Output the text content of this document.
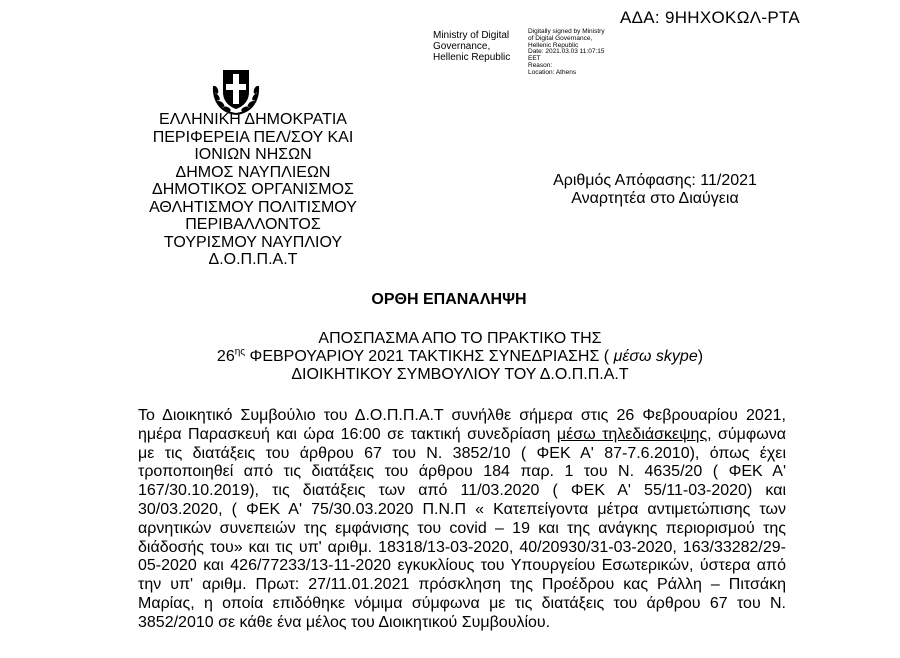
ΑΔΑ: 9ΗΗΧΟΚΩΛ-ΡΤΑ
Ministry of Digital
Governance,
Hellenic Republic
Digitally signed by Ministry
of Digital Governance,
Hellenic Republic
Date: 2021.03.03 11:07:15
EET
Reason:
Location: Athens
ΕΛΛΗΝΙΚΗ ΔΗΜΟΚΡΑΤΙΑ
ΠΕΡΙΦΕΡΕΙΑ ΠΕΛ/ΣΟΥ ΚΑΙ
ΙΟΝΙΩΝ ΝΗΣΩΝ
ΔΗΜΟΣ ΝΑΥΠΛΙΕΩΝ
ΔΗΜΟΤΙΚΟΣ ΟΡΓΑΝΙΣΜΟΣ
ΑΘΛΗΤΙΣΜΟΥ ΠΟΛΙΤΙΣΜΟΥ
ΠΕΡΙΒΑΛΛΟΝΤΟΣ
ΤΟΥΡΙΣΜΟΥ ΝΑΥΠΛΙΟΥ
Δ.Ο.Π.Π.Α.Τ
Αριθμός Απόφασης: 11/2021
Αναρτητέα στο Διαύγεια
ΟΡΘΗ ΕΠΑΝΑΛΗΨΗ
ΑΠΟΣΠΑΣΜΑ ΑΠΟ ΤΟ ΠΡΑΚΤΙΚΟ ΤΗΣ
$26^{\eta\varsigma}$ ΦΕΒΡΟΥΑΡΙΟΥ 2021 ΤΑΚΤΙΚΗΣ ΣΥΝΕΔΡΙΑΣΗΣ ( μέσω skype)
ΔΙΟΙΚΗΤΙΚΟΥ ΣΥΜΒΟΥΛΙΟΥ ΤΟΥ Δ.Ο.Π.Π.Α.Τ
Το Διοικητικό Συμβούλιο του Δ.Ο.Π.Π.Α.Τ συνήλθε σήμερα στις 26 Φεβρουαρίου 2021, ημέρα Παρασκευή και ώρα 16:00 σε τακτική συνεδρίαση μέσω τηλεδιάσκεψης, σύμφωνα με τις διατάξεις του άρθρου 67 του Ν. 3852/10 ( ΦΕΚ Α' 87-7.6.2010), όπως έχει τροποποιηθεί από τις διατάξεις του άρθρου 184 παρ. 1 του Ν. 4635/20 ( ΦΕΚ Α' 167/30.10.2019), τις διατάξεις των από 11/03.2020 ( ΦΕΚ Α' 55/11-03-2020) και 30/03.2020, ( ΦΕΚ Α' 75/30.03.2020 Π.Ν.Π « Κατεπείγοντα μέτρα αντιμετώπισης των αρνητικών συνεπειών της εμφάνισης του covid – 19 και της ανάγκης περιορισμού της διάδοσής του» και τις υπ' αριθμ. 18318/13-03-2020, 40/20930/31-03-2020, 163/33282/29-05-2020 και 426/77233/13-11-2020 εγκυκλίους του Υπουργείου Εσωτερικών, ύστερα από την υπ' αριθμ. Πρωτ: 27/11.01.2021 πρόσκληση της Προέδρου κας Ράλλη – Πιτσάκη Μαρίας, η οποία επιδόθηκε νόμιμα σύμφωνα με τις διατάξεις του άρθρου 67 του Ν. 3852/2010 σε κάθε ένα μέλος του Διοικητικού Συμβουλίου.
